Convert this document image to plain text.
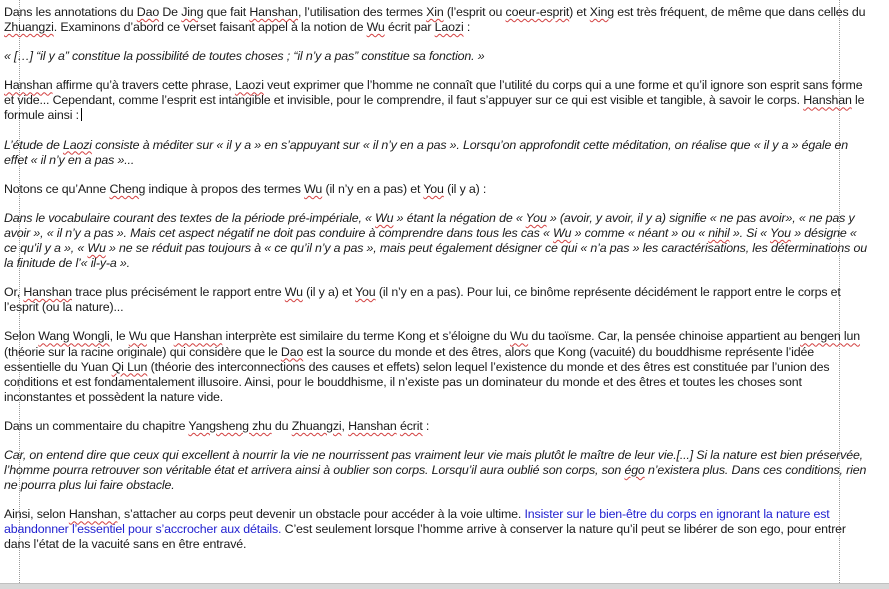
Dans les annotations du Dao De Jing que fait Hanshan, l’utilisation des termes Xin (l’esprit ou coeur-esprit) et Xing est très fréquent, de même que dans celles du Zhuangzi. Examinons d’abord ce verset faisant appel à la notion de Wu écrit par Laozi :

« […] “il y a” constitue la possibilité de toutes choses ; “il n’y a pas” constitue sa fonction. »

Hanshan affirme qu’à travers cette phrase, Laozi veut exprimer que l’homme ne connaît que l’utilité du corps qui a une forme et qu’il ignore son esprit sans forme et vide... Cependant, comme l’esprit est intangible et invisible, pour le comprendre, il faut s’appuyer sur ce qui est visible et tangible, à savoir le corps. Hanshan le formule ainsi :

L’étude de Laozi consiste à méditer sur « il y a » en s’appuyant sur « il n’y en a pas ». Lorsqu’on approfondit cette méditation, on réalise que « il y a » égale en effet « il n’y en a pas »...

Notons ce qu’Anne Cheng indique à propos des termes Wu (il n’y en a pas) et You (il y a) :

Dans le vocabulaire courant des textes de la période pré-impériale, « Wu » étant la négation de « You » (avoir, y avoir, il y a) signifie « ne pas avoir», « ne pas y avoir », « il n’y a pas ». Mais cet aspect négatif ne doit pas conduire à comprendre dans tous les cas « Wu » comme « néant » ou « nihil ». Si « You » désigne « ce qu’il y a », « Wu » ne se réduit pas toujours à « ce qu’il n’y a pas », mais peut également désigner ce qui « n’a pas » les caractérisations, les déterminations ou la finitude de l’« il-y-a ».

Or, Hanshan trace plus précisément le rapport entre Wu (il y a) et You (il n’y en a pas). Pour lui, ce binôme représente décidément le rapport entre le corps et l’esprit (ou la nature)...

Selon Wang Wongli, le Wu que Hanshan interprète est similaire du terme Kong et s’éloigne du Wu du taoïsme. Car, la pensée chinoise appartient au bengen lun (théorie sur la racine originale) qui considère que le Dao est la source du monde et des êtres, alors que Kong (vacuité) du bouddhisme représente l’idée essentielle du Yuan Qi Lun (théorie des interconnections des causes et effets) selon lequel l’existence du monde et des êtres est constituée par l’union des conditions et est fondamentalement illusoire. Ainsi, pour le bouddhisme, il n’existe pas un dominateur du monde et des êtres et toutes les choses sont inconstantes et possèdent la nature vide.

Dans un commentaire du chapitre Yangsheng zhu du Zhuangzi, Hanshan écrit :

Car, on entend dire que ceux qui excellent à nourrir la vie ne nourrissent pas vraiment leur vie mais plutôt le maître de leur vie.[...] Si la nature est bien préservée, l’homme pourra retrouver son véritable état et arrivera ainsi à oublier son corps. Lorsqu’il aura oublié son corps, son égo n’existera plus. Dans ces conditions, rien ne pourra plus lui faire obstacle.

Ainsi, selon Hanshan, s’attacher au corps peut devenir un obstacle pour accéder à la voie ultime. Insister sur le bien-être du corps en ignorant la nature est abandonner l’essentiel pour s’accrocher aux détails. C’est seulement lorsque l’homme arrive à conserver la nature qu’il peut se libérer de son ego, pour entrer dans l’état de la vacuité sans en être entravé.
